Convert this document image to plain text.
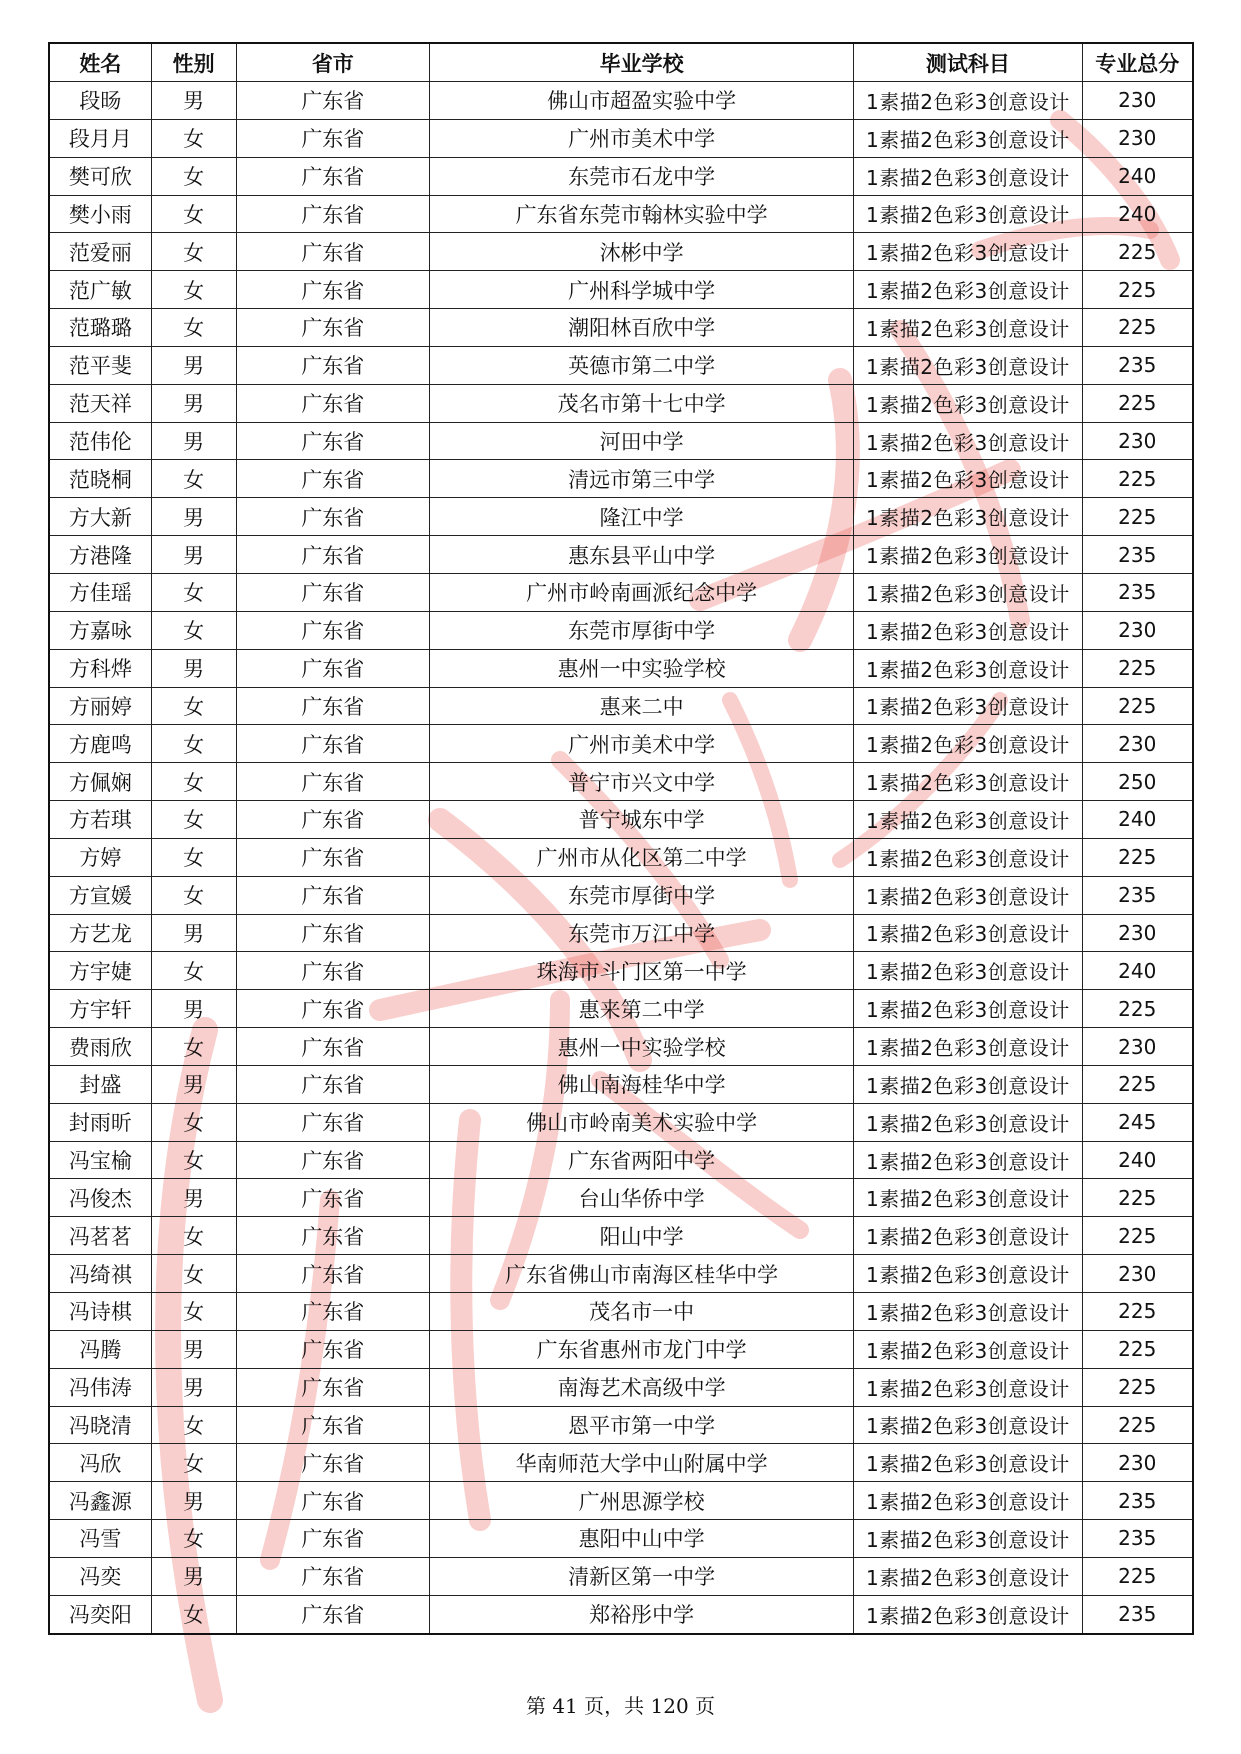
姓名	性别	省市	毕业学校	测试科目	专业总分
段旸	男	广东省	佛山市超盈实验中学	1素描2色彩3创意设计	230
段月月	女	广东省	广州市美术中学	1素描2色彩3创意设计	230
樊可欣	女	广东省	东莞市石龙中学	1素描2色彩3创意设计	240
樊小雨	女	广东省	广东省东莞市翰林实验中学	1素描2色彩3创意设计	240
范爱丽	女	广东省	沐彬中学	1素描2色彩3创意设计	225
范广敏	女	广东省	广州科学城中学	1素描2色彩3创意设计	225
范璐璐	女	广东省	潮阳林百欣中学	1素描2色彩3创意设计	225
范平斐	男	广东省	英德市第二中学	1素描2色彩3创意设计	235
范天祥	男	广东省	茂名市第十七中学	1素描2色彩3创意设计	225
范伟伦	男	广东省	河田中学	1素描2色彩3创意设计	230
范晓桐	女	广东省	清远市第三中学	1素描2色彩3创意设计	225
方大新	男	广东省	隆江中学	1素描2色彩3创意设计	225
方港隆	男	广东省	惠东县平山中学	1素描2色彩3创意设计	235
方佳瑶	女	广东省	广州市岭南画派纪念中学	1素描2色彩3创意设计	235
方嘉咏	女	广东省	东莞市厚街中学	1素描2色彩3创意设计	230
方科烨	男	广东省	惠州一中实验学校	1素描2色彩3创意设计	225
方丽婷	女	广东省	惠来二中	1素描2色彩3创意设计	225
方鹿鸣	女	广东省	广州市美术中学	1素描2色彩3创意设计	230
方佩娴	女	广东省	普宁市兴文中学	1素描2色彩3创意设计	250
方若琪	女	广东省	普宁城东中学	1素描2色彩3创意设计	240
方婷	女	广东省	广州市从化区第二中学	1素描2色彩3创意设计	225
方宣媛	女	广东省	东莞市厚街中学	1素描2色彩3创意设计	235
方艺龙	男	广东省	东莞市万江中学	1素描2色彩3创意设计	230
方宇婕	女	广东省	珠海市斗门区第一中学	1素描2色彩3创意设计	240
方宇轩	男	广东省	惠来第二中学	1素描2色彩3创意设计	225
费雨欣	女	广东省	惠州一中实验学校	1素描2色彩3创意设计	230
封盛	男	广东省	佛山南海桂华中学	1素描2色彩3创意设计	225
封雨昕	女	广东省	佛山市岭南美术实验中学	1素描2色彩3创意设计	245
冯宝榆	女	广东省	广东省两阳中学	1素描2色彩3创意设计	240
冯俊杰	男	广东省	台山华侨中学	1素描2色彩3创意设计	225
冯茗茗	女	广东省	阳山中学	1素描2色彩3创意设计	225
冯绮祺	女	广东省	广东省佛山市南海区桂华中学	1素描2色彩3创意设计	230
冯诗棋	女	广东省	茂名市一中	1素描2色彩3创意设计	225
冯腾	男	广东省	广东省惠州市龙门中学	1素描2色彩3创意设计	225
冯伟涛	男	广东省	南海艺术高级中学	1素描2色彩3创意设计	225
冯晓清	女	广东省	恩平市第一中学	1素描2色彩3创意设计	225
冯欣	女	广东省	华南师范大学中山附属中学	1素描2色彩3创意设计	230
冯鑫源	男	广东省	广州思源学校	1素描2色彩3创意设计	235
冯雪	女	广东省	惠阳中山中学	1素描2色彩3创意设计	235
冯奕	男	广东省	清新区第一中学	1素描2色彩3创意设计	225
冯奕阳	女	广东省	郑裕彤中学	1素描2色彩3创意设计	235
第 41 页，共 120 页
